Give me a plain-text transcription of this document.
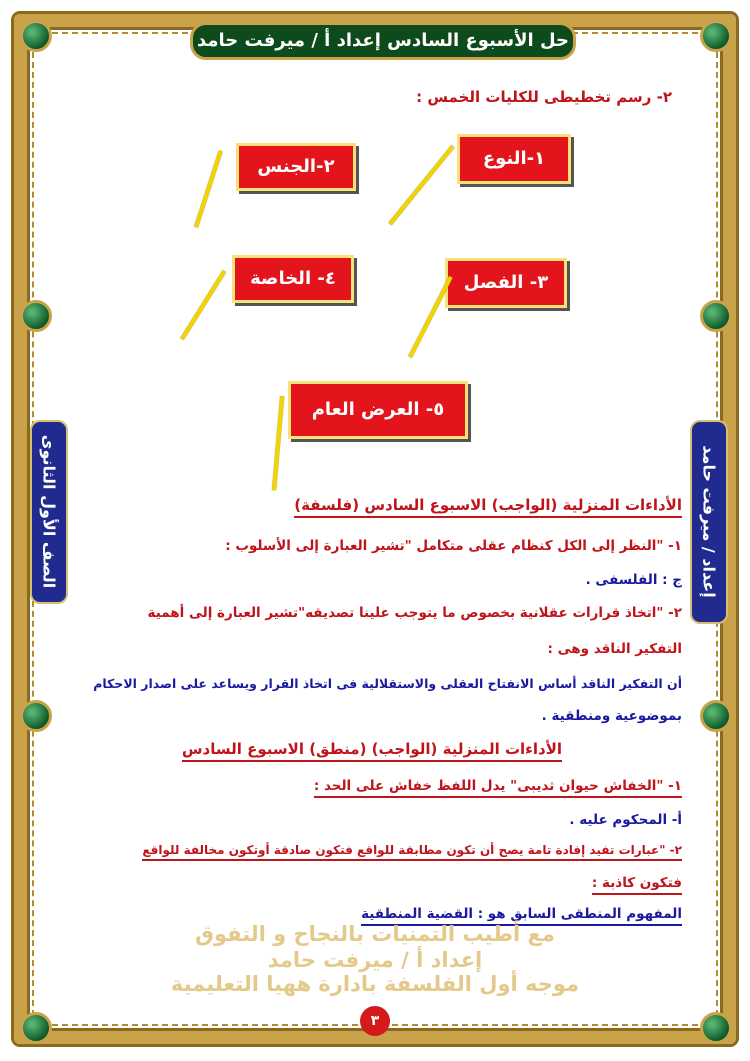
حل الأسبوع السادس إعداد أ / ميرفت حامد
الصف الأول الثانوى	إعداد / ميرفت حامد
٢- رسم تخطيطى للكليات الخمس :
١-النوع
٢-الجنس
٣- الفصل
٤- الخاصة
٥- العرض العام
الأداءات المنزلية (الواجب) الاسبوع السادس (فلسفة)
١- "النظر إلى الكل كنظام عقلى متكامل "تشير العبارة إلى الأسلوب :
ج : الفلسفى .
٢- "اتخاذ قرارات عقلانية بخصوص ما يتوجب علينا تصديقه"تشير العبارة إلى أهمية
التفكير الناقد وهى :
أن التفكير الناقد أساس الانفتاح العقلى والاستقلالية فى اتخاذ القرار ويساعد على اصدار الاحكام
بموضوعية ومنطقية .
الأداءات المنزلية (الواجب) (منطق) الاسبوع السادس
١- "الخفاش حيوان ثديبى" يدل اللفظ خفاش على الحد :
أ- المحكوم عليه .
٢- "عبارات تفيد إفادة تامة يصح أن تكون مطابقة للواقع فتكون صادقة أوتكون مخالفة للواقع
فتكون كاذبة :
المفهوم المنطقى السابق هو : القضية المنطقية
مع أطيب التمنيات بالنجاح و التفوق
إعداد أ / ميرفت حامد
موجه أول الفلسفة بادارة ههيا التعليمية
٣
